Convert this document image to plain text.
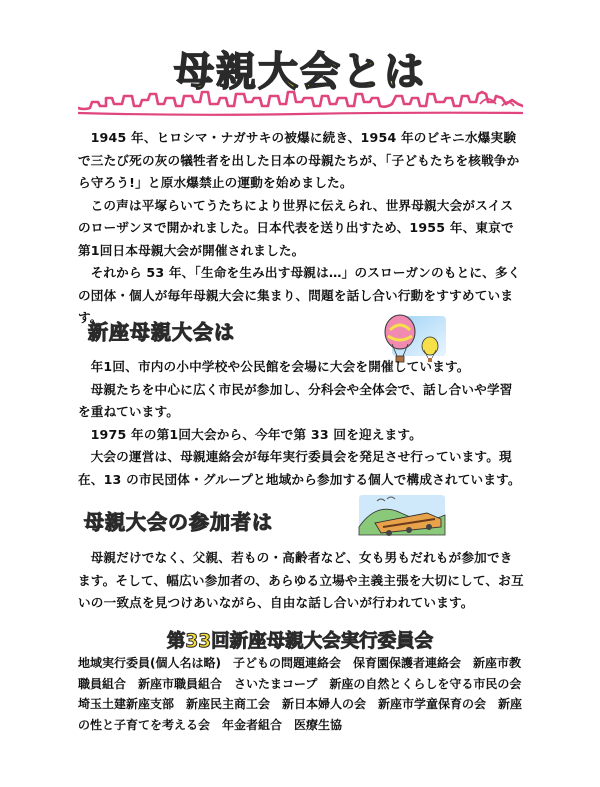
母親大会とは

1945 年、ヒロシマ・ナガサキの被爆に続き、1954 年のビキニ水爆実験で三たび死の灰の犠牲者を出した日本の母親たちが、「子どもたちを核戦争から守ろう!」と原水爆禁止の運動を始めました。

この声は平塚らいてうたちにより世界に伝えられ、世界母親大会がスイスのローザンヌで開かれました。日本代表を送り出すため、1955 年、東京で第1回日本母親大会が開催されました。

それから 53 年、「生命を生み出す母親は…」のスローガンのもとに、多くの団体・個人が毎年母親大会に集まり、問題を話し合い行動をすすめています。

新座母親大会は

年1回、市内の小中学校や公民館を会場に大会を開催しています。

母親たちを中心に広く市民が参加し、分科会や全体会で、話し合いや学習を重ねています。

1975 年の第1回大会から、今年で第 33 回を迎えます。

大会の運営は、母親連絡会が毎年実行委員会を発足させ行っています。現在、13 の市民団体・グループと地域から参加する個人で構成されています。

母親大会の参加者は

母親だけでなく、父親、若もの・高齢者など、女も男もだれもが参加できます。そして、幅広い参加者の、あらゆる立場や主義主張を大切にして、お互いの一致点を見つけあいながら、自由な話し合いが行われています。

第33回新座母親大会実行委員会
地域実行委員(個人名は略)　子どもの問題連絡会　保育園保護者連絡会　新座市教職員組合　新座市職員組合　さいたまコープ　新座の自然とくらしを守る市民の会　埼玉土建新座支部　新座民主商工会　新日本婦人の会　新座市学童保育の会　新座の性と子育てを考える会　年金者組合　医療生協
